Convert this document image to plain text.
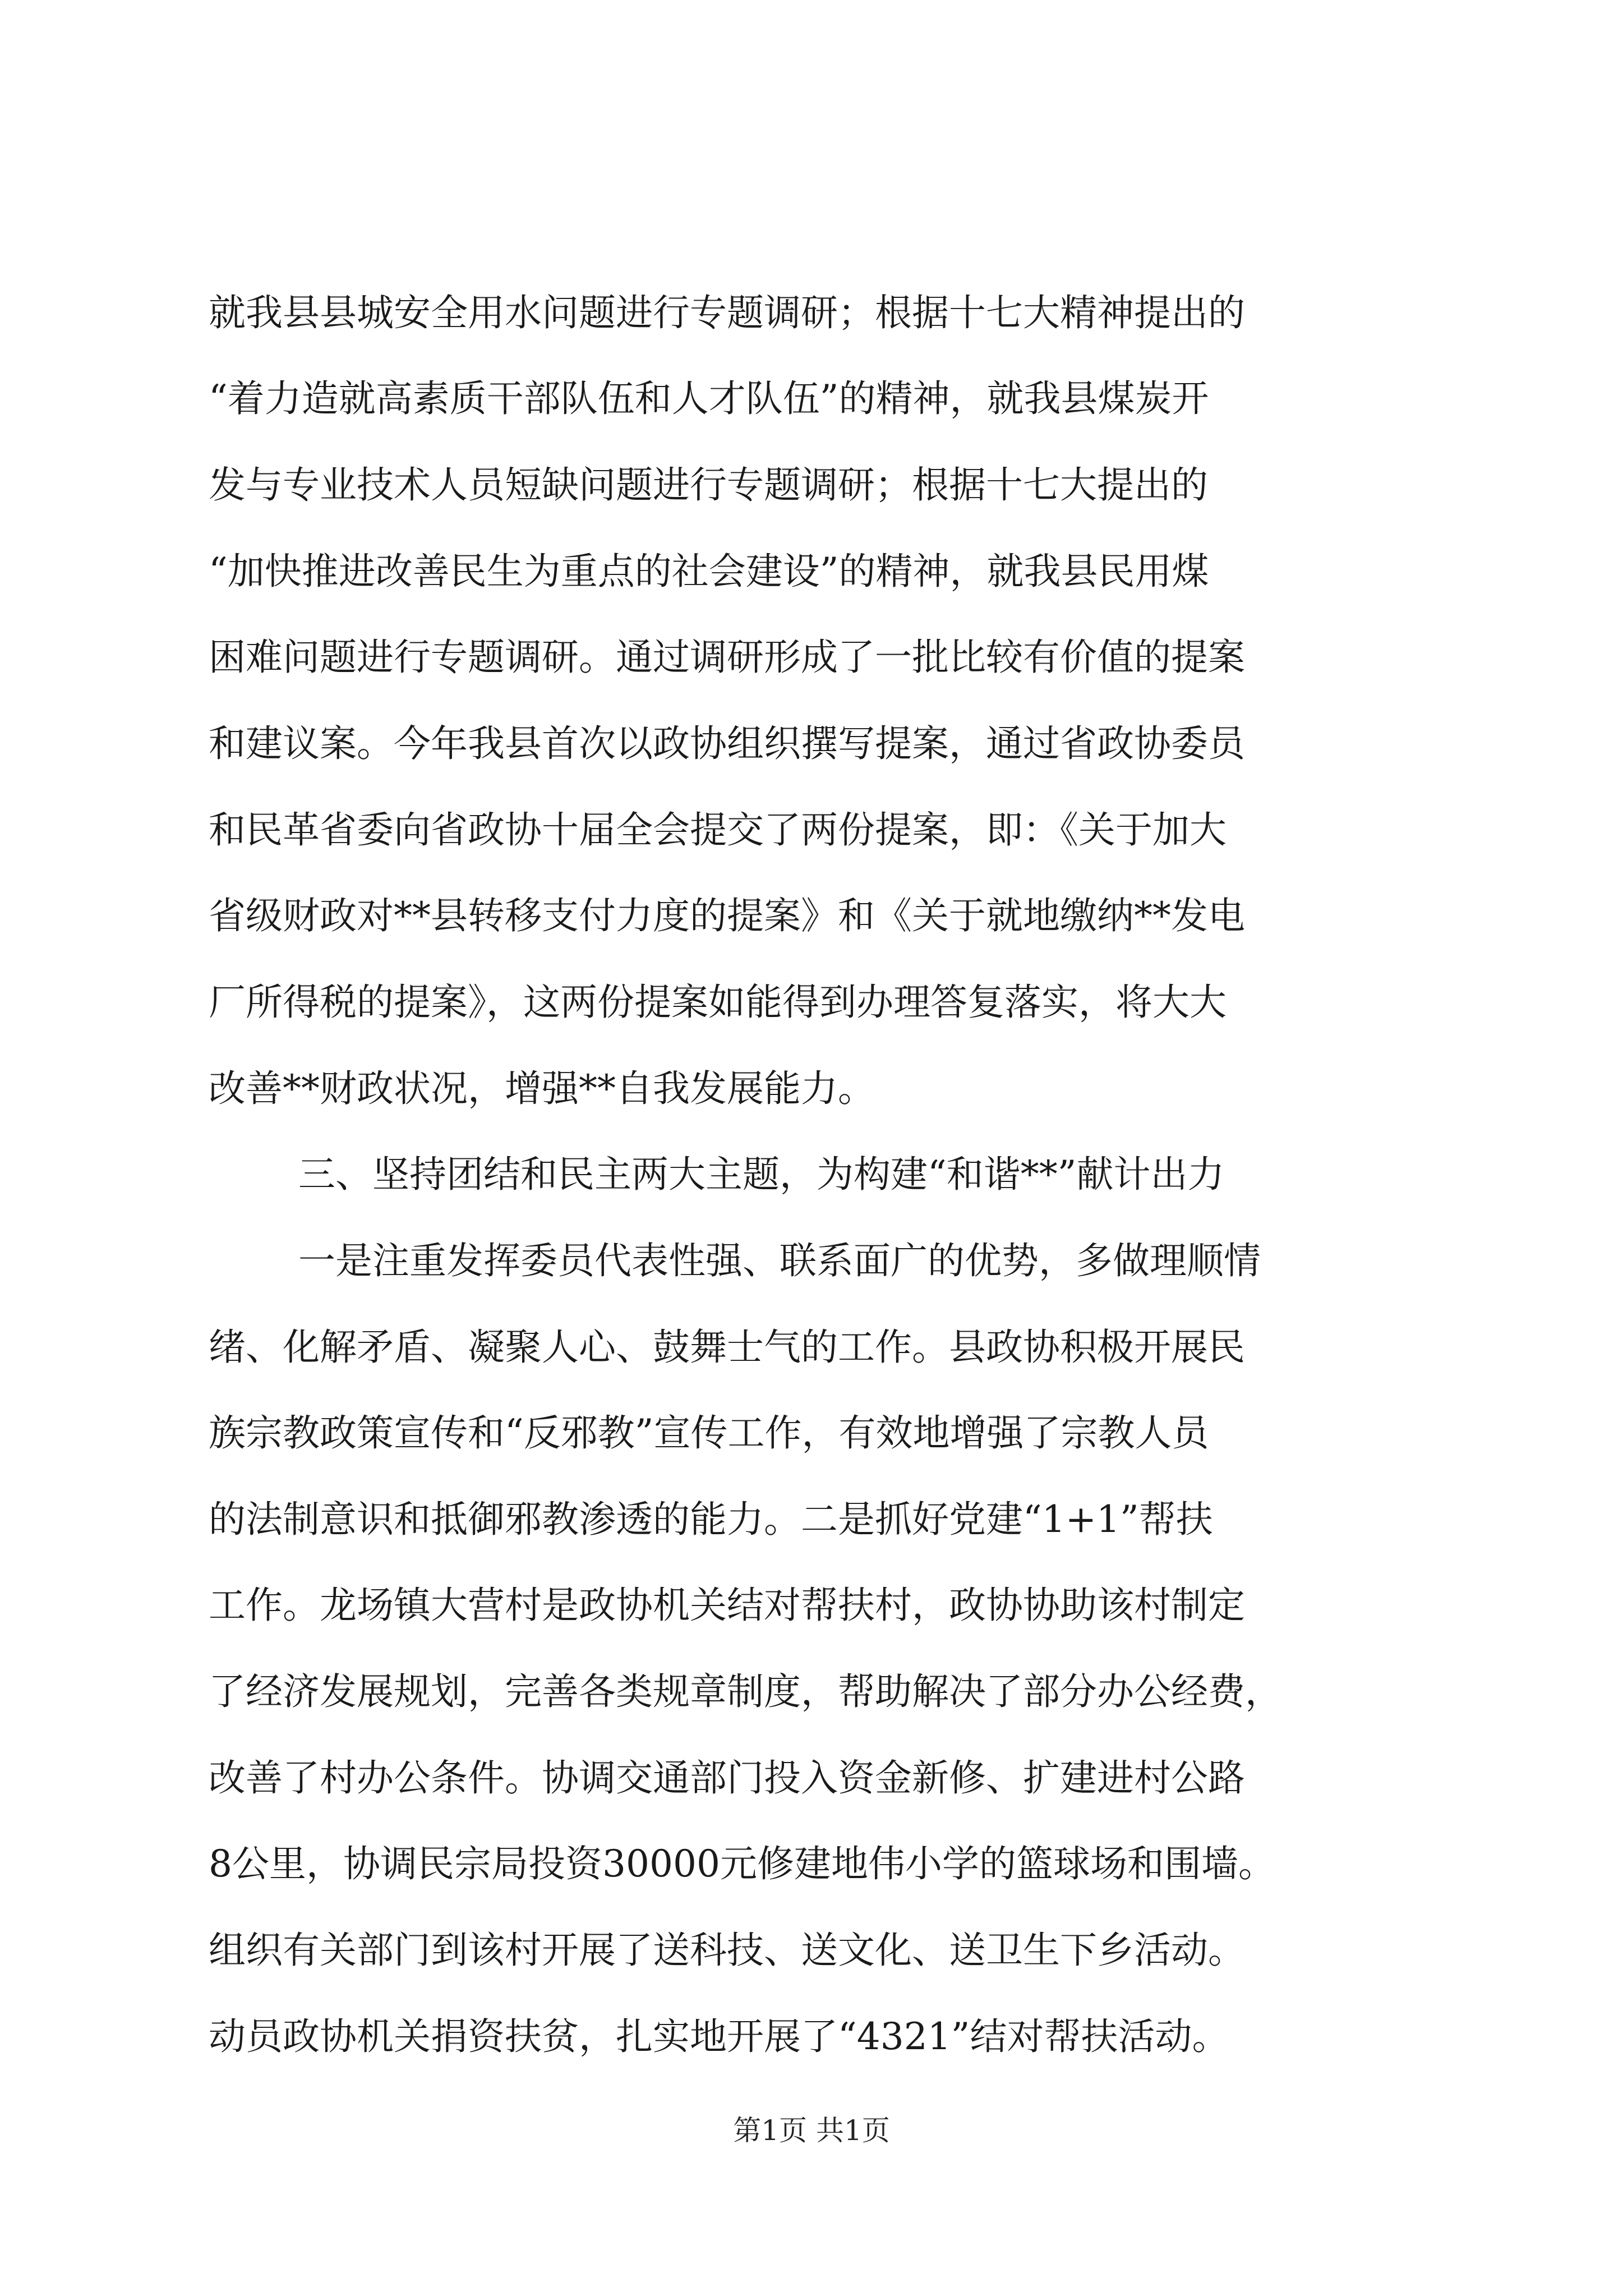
就我县县城安全用水问题进行专题调研；根据十七大精神提出的
“着力造就高素质干部队伍和人才队伍”的精神，就我县煤炭开
发与专业技术人员短缺问题进行专题调研；根据十七大提出的
“加快推进改善民生为重点的社会建设”的精神，就我县民用煤
困难问题进行专题调研。通过调研形成了一批比较有价值的提案
和建议案。今年我县首次以政协组织撰写提案，通过省政协委员
和民革省委向省政协十届全会提交了两份提案，即：《关于加大
省级财政对**县转移支付力度的提案》和《关于就地缴纳**发电
厂所得税的提案》，这两份提案如能得到办理答复落实，将大大
改善**财政状况，增强**自我发展能力。
三、坚持团结和民主两大主题，为构建“和谐**”献计出力
一是注重发挥委员代表性强、联系面广的优势，多做理顺情
绪、化解矛盾、凝聚人心、鼓舞士气的工作。县政协积极开展民
族宗教政策宣传和“反邪教”宣传工作，有效地增强了宗教人员
的法制意识和抵御邪教渗透的能力。二是抓好党建“1+1”帮扶
工作。龙场镇大营村是政协机关结对帮扶村，政协协助该村制定
了经济发展规划，完善各类规章制度，帮助解决了部分办公经费，
改善了村办公条件。协调交通部门投入资金新修、扩建进村公路
8公里，协调民宗局投资30000元修建地伟小学的篮球场和围墙。
组织有关部门到该村开展了送科技、送文化、送卫生下乡活动。
动员政协机关捐资扶贫，扎实地开展了“4321”结对帮扶活动。
第1页 共1页
